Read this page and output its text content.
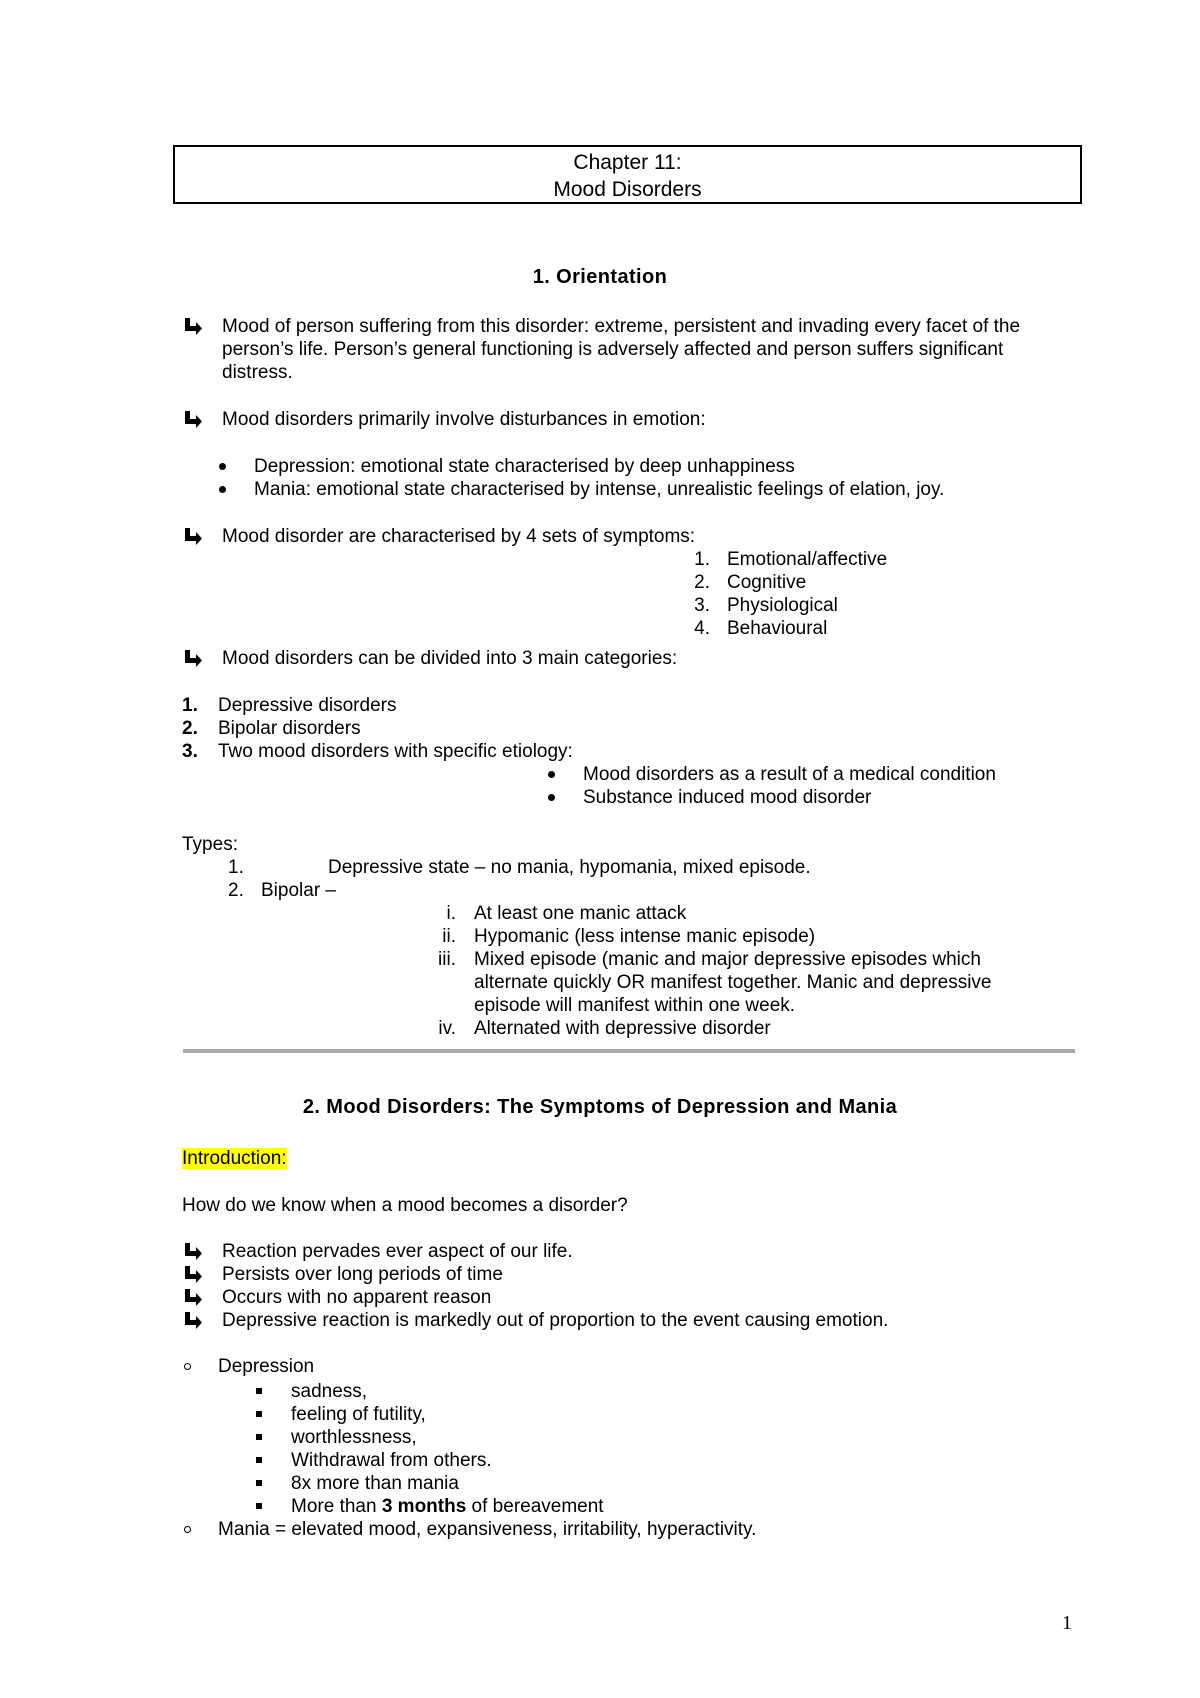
Chapter 11:
Mood Disorders
1. Orientation
Mood of person suffering from this disorder: extreme, persistent and invading every facet of the
person’s life. Person’s general functioning is adversely affected and person suffers significant
distress.
Mood disorders primarily involve disturbances in emotion:
Depression: emotional state characterised by deep unhappiness
Mania: emotional state characterised by intense, unrealistic feelings of elation, joy.
Mood disorder are characterised by 4 sets of symptoms:
1. Emotional/affective
2. Cognitive
3. Physiological
4. Behavioural
Mood disorders can be divided into 3 main categories:
1. Depressive disorders
2. Bipolar disorders
3. Two mood disorders with specific etiology:
Mood disorders as a result of a medical condition
Substance induced mood disorder
Types:
1.	Depressive state – no mania, hypomania, mixed episode.
2. Bipolar –
i. At least one manic attack
ii. Hypomanic (less intense manic episode)
iii. Mixed episode (manic and major depressive episodes which
alternate quickly OR manifest together. Manic and depressive
episode will manifest within one week.
iv. Alternated with depressive disorder
2. Mood Disorders: The Symptoms of Depression and Mania
Introduction:
How do we know when a mood becomes a disorder?
Reaction pervades ever aspect of our life.
Persists over long periods of time
Occurs with no apparent reason
Depressive reaction is markedly out of proportion to the event causing emotion.
Depression
sadness,
feeling of futility,
worthlessness,
Withdrawal from others.
8x more than mania
More than 3 months of bereavement
Mania = elevated mood, expansiveness, irritability, hyperactivity.
1
